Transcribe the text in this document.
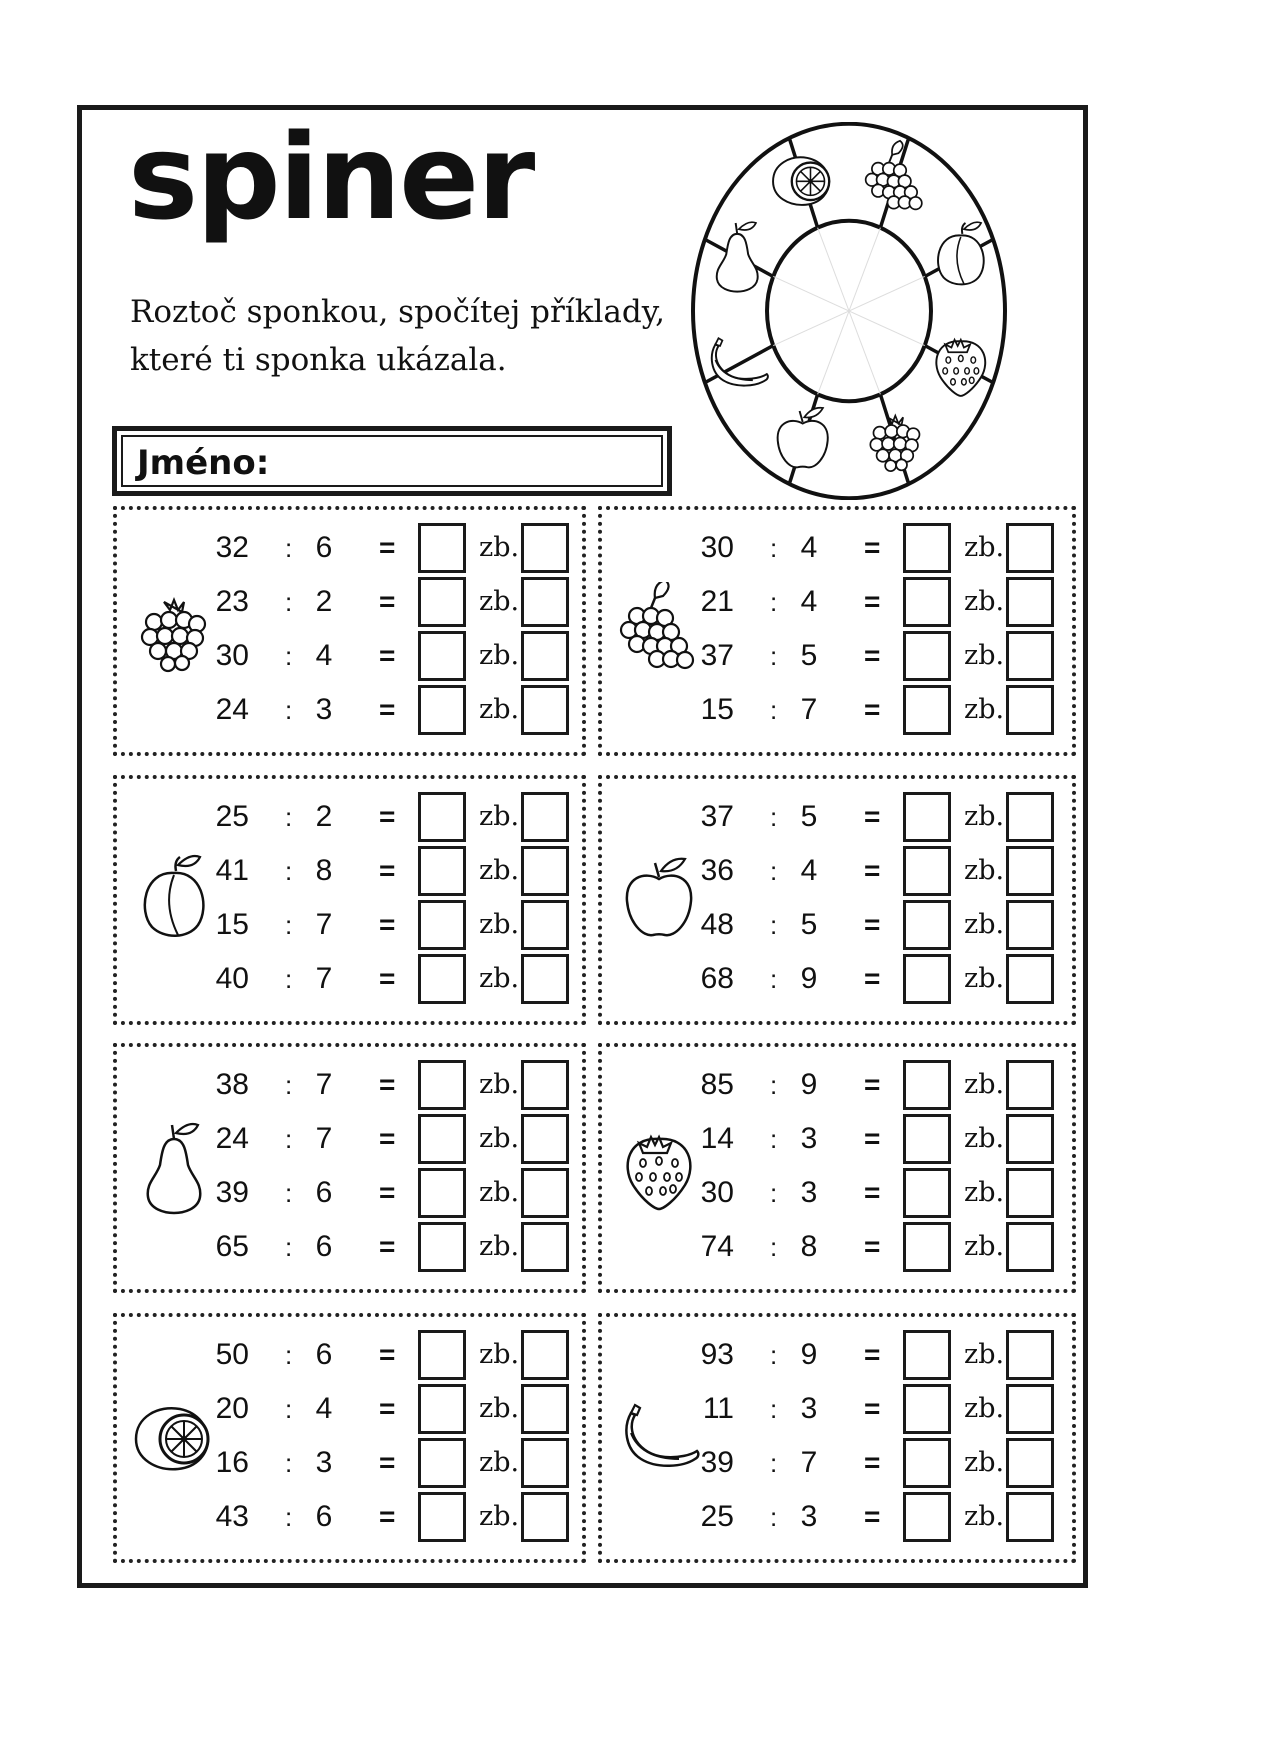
spiner
Roztoč sponkou, spočítej příklady,
které ti sponka ukázala.
Jméno:
32 : 6 =	zb.
23 : 2 =	zb.
30 : 4 =	zb.
24 : 3 =	zb.
30 : 4 =	zb.
21 : 4 =	zb.
37 : 5 =	zb.
15 : 7 =	zb.
25 : 2 =	zb.
41 : 8 =	zb.
15 : 7 =	zb.
40 : 7 =	zb.
37 : 5 =	zb.
36 : 4 =	zb.
48 : 5 =	zb.
68 : 9 =	zb.
38 : 7 =	zb.
24 : 7 =	zb.
39 : 6 =	zb.
65 : 6 =	zb.
85 : 9 =	zb.
14 : 3 =	zb.
30 : 3 =	zb.
74 : 8 =	zb.
50 : 6 =	zb.
20 : 4 =	zb.
16 : 3 =	zb.
43 : 6 =	zb.
93 : 9 =	zb.
11 : 3 =	zb.
39 : 7 =	zb.
25 : 3 =	zb.
